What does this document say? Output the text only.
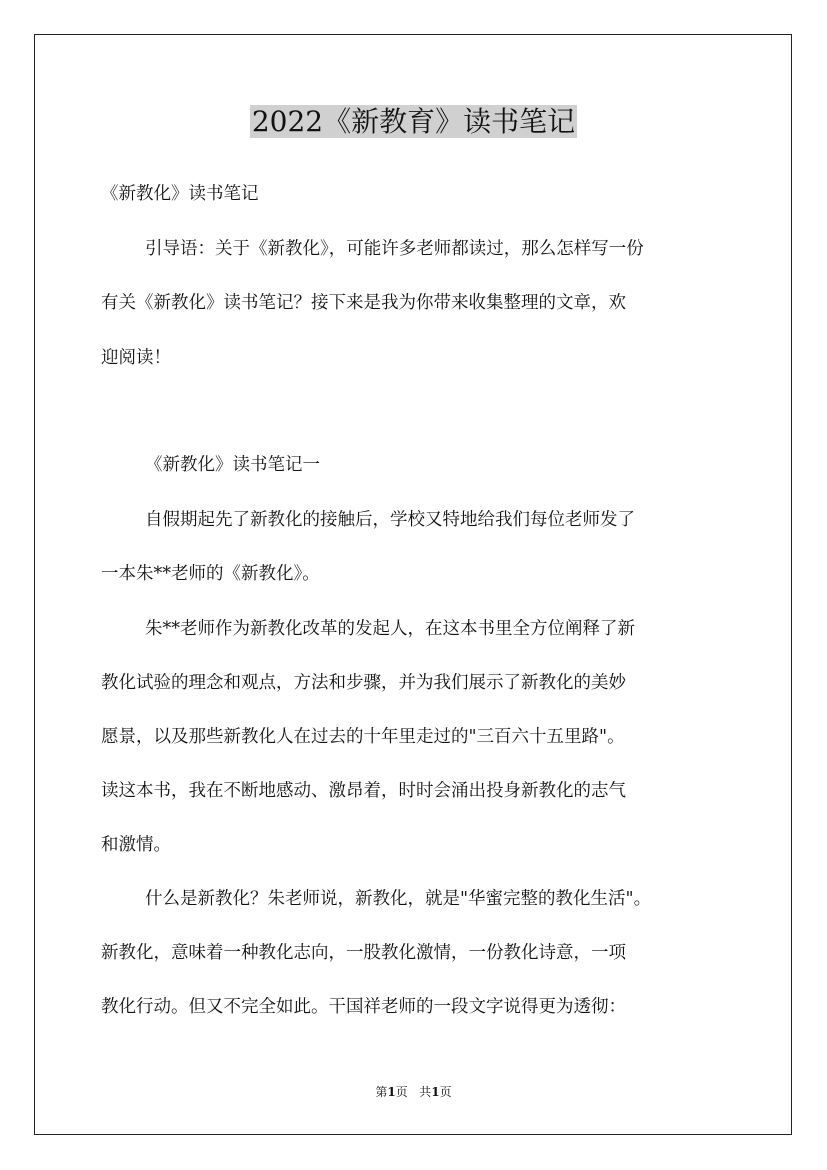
2022《新教育》读书笔记

《新教化》读书笔记

引导语：关于《新教化》，可能许多老师都读过，那么怎样写一份

有关《新教化》读书笔记？接下来是我为你带来收集整理的文章，欢

迎阅读！

《新教化》读书笔记一

自假期起先了新教化的接触后，学校又特地给我们每位老师发了

一本朱**老师的《新教化》。

朱**老师作为新教化改革的发起人，在这本书里全方位阐释了新

教化试验的理念和观点，方法和步骤，并为我们展示了新教化的美妙

愿景，以及那些新教化人在过去的十年里走过的"三百六十五里路"。

读这本书，我在不断地感动、激昂着，时时会涌出投身新教化的志气

和激情。

什么是新教化？朱老师说，新教化，就是"华蜜完整的教化生活"。

新教化，意味着一种教化志向，一股教化激情，一份教化诗意，一项

教化行动。但又不完全如此。干国祥老师的一段文字说得更为透彻：

第1页 共1页
